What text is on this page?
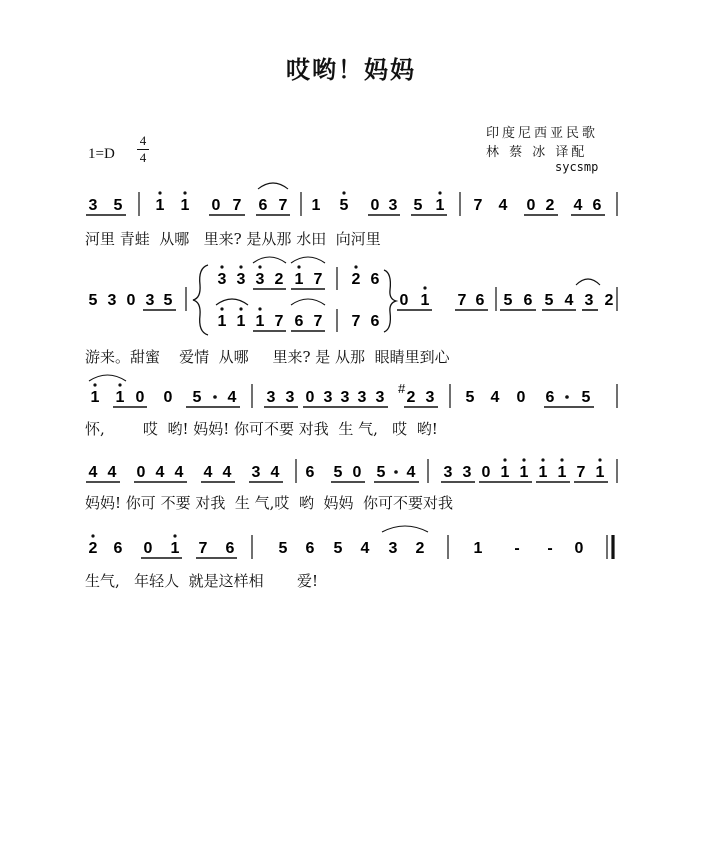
哎哟！妈妈
印度尼西亚民歌
林 蔡 冰 译配
sycsmp
1=D
4
4
3 5 1 1 0 7 6 7 1 5 0 3 5 1 7 4 0 2 4 6
5 3 0 3 5
3 3 3 2 1 7 2 6
1 1 1 7 6 7 7 6
0 1 7 6 5 6 5 4 3 2
1 1 0 0 5 4 3 3 0 3 3 3 3 2 3 5 4 0 6 5
#
4 4 0 4 4 4 4 3 4 6 5 0 5 4 3 3 0 1 1 1 1 7 1
2 6 0 1 7 6	5 6 5 4 3 2	1 - - 0
河里 青蛙  从哪   里来? 是从那 水田  向河里
游来。甜蜜    爱情  从哪     里来? 是 从那  眼睛里到心
怀,        哎  哟! 妈妈! 你可不要 对我  生 气,   哎  哟!
妈妈! 你可 不要 对我  生 气,哎  哟  妈妈  你可不要对我
生气,   年轻人  就是这样相       爱!
